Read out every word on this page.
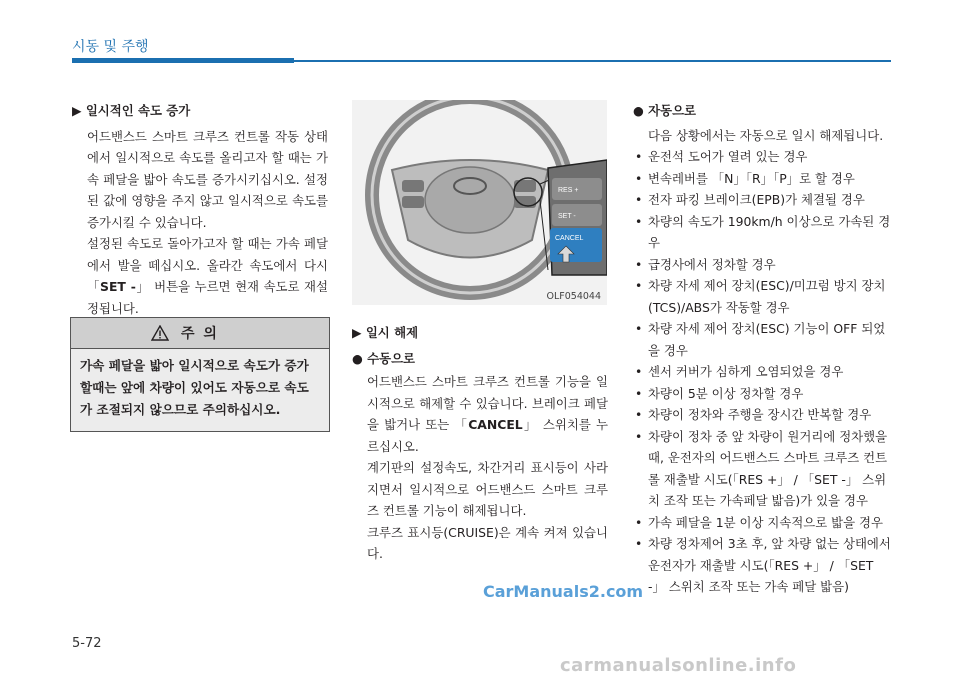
시동 및 주행

▶ 일시적인 속도 증가

어드밴스드 스마트 크루즈 컨트롤 작동 상태에서 일시적으로 속도를 올리고자 할 때는 가속 페달을 밟아 속도를 증가시키십시오. 설정된 값에 영향을 주지 않고 일시적으로 속도를 증가시킬 수 있습니다.

설정된 속도로 돌아가고자 할 때는 가속 페달에서 발을 떼십시오. 올라간 속도에서 다시 「SET -」 버튼을 누르면 현재 속도로 재설정됩니다.

주 의
가속 페달을 밟아 일시적으로 속도가 증가할때는 앞에 차량이 있어도 자동으로 속도가 조절되지 않으므로 주의하십시오.
RES +
SET -
CANCEL
OLF054044

▶ 일시 해제

● 수동으로

어드밴스드 스마트 크루즈 컨트롤 기능을 일시적으로 해제할 수 있습니다. 브레이크 페달을 밟거나 또는 「CANCEL」 스위치를 누르십시오.

계기판의 설정속도, 차간거리 표시등이 사라지면서 일시적으로 어드밴스드 스마트 크루즈 컨트롤 기능이 해제됩니다.

크루즈 표시등(CRUISE)은 계속 켜져 있습니다.

● 자동으로

다음 상황에서는 자동으로 일시 해제됩니다.

• 운전석 도어가 열려 있는 경우
• 변속레버를 「N」「R」「P」로 할 경우
• 전자 파킹 브레이크(EPB)가 체결될 경우
• 차량의 속도가 190km/h 이상으로 가속된 경우
• 급경사에서 정차할 경우
• 차량 자세 제어 장치(ESC)/미끄럼 방지 장치(TCS)/ABS가 작동할 경우
• 차량 자세 제어 장치(ESC) 기능이 OFF 되었을 경우
• 센서 커버가 심하게 오염되었을 경우
• 차량이 5분 이상 정차할 경우
• 차량이 정차와 주행을 장시간 반복할 경우
• 차량이 정차 중 앞 차량이 원거리에 정차했을 때, 운전자의 어드밴스드 스마트 크루즈 컨트롤 재출발 시도(「RES +」 / 「SET -」 스위치 조작 또는 가속페달 밟음)가 있을 경우
• 가속 페달을 1분 이상 지속적으로 밟을 경우
• 차량 정차제어 3초 후, 앞 차량 없는 상태에서 운전자가 재출발 시도(「RES +」 / 「SET -」 스위치 조작 또는 가속 페달 밟음)
CarManuals2.com
5-72
carmanualsonline.info
